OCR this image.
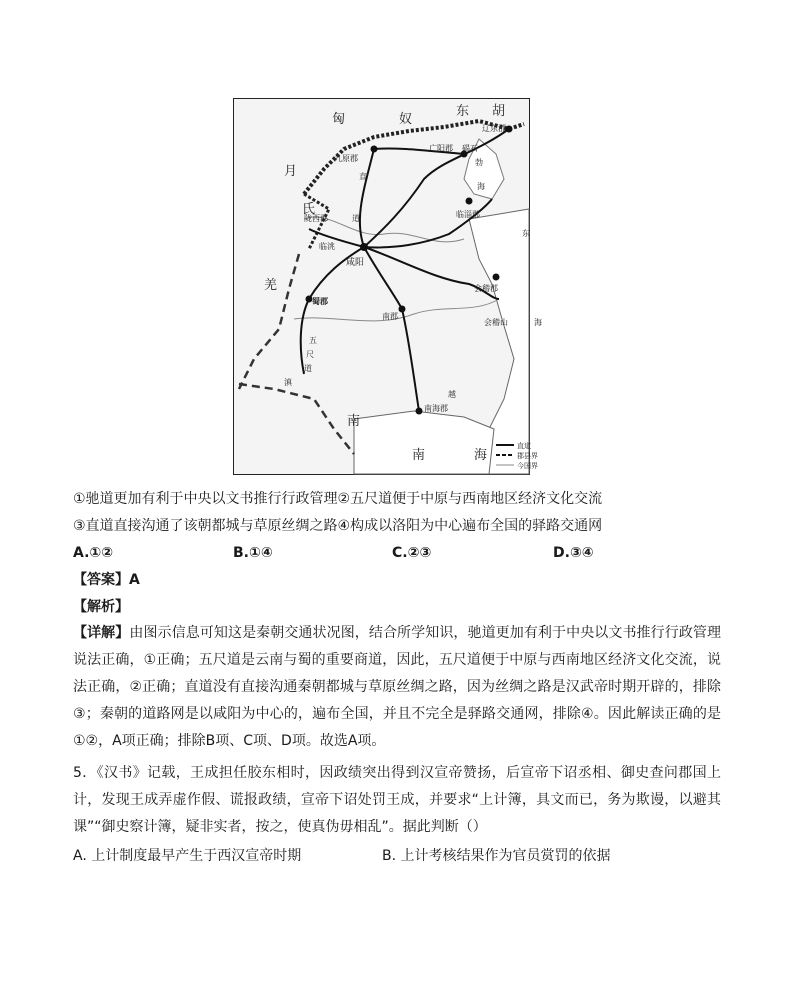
匈	奴
东 胡
月
氏
羌
辽东郡
广阳郡 碣石
勃
九原郡
直
陇西郡	道
海
临淄郡
东
临洮
咸阳
蜀郡
南郡
会稽郡
会稽山	海
五
尺
道
滇
越
南海郡
南
南	海
直道
郡县界
今国界
①驰道更加有利于中央以文书推行行政管理②五尺道便于中原与西南地区经济文化交流
③直道直接沟通了该朝都城与草原丝绸之路④构成以洛阳为中心遍布全国的驿路交通网
A.①②	B.①④	C.②③	D.③④
【答案】A
【解析】
【详解】由图示信息可知这是秦朝交通状况图，结合所学知识，驰道更加有利于中央以文书推行行政管理说法正确，①正确；五尺道是云南与蜀的重要商道，因此，五尺道便于中原与西南地区经济文化交流，说法正确，②正确；直道没有直接沟通秦朝都城与草原丝绸之路，因为丝绸之路是汉武帝时期开辟的，排除③；秦朝的道路网是以咸阳为中心的，遍布全国，并且不完全是驿路交通网，排除④。因此解读正确的是①②，A项正确；排除B项、C项、D项。故选A项。
5．《汉书》记载，王成担任胶东相时，因政绩突出得到汉宣帝赞扬，后宣帝下诏丞相、御史查问郡国上计，发现王成弄虚作假、谎报政绩，宣帝下诏处罚王成，并要求“上计簿，具文而已，务为欺谩，以避其课”“御史察计簿，疑非实者，按之，使真伪毋相乱”。据此判断（）
A. 上计制度最早产生于西汉宣帝时期	B. 上计考核结果作为官员赏罚的依据
